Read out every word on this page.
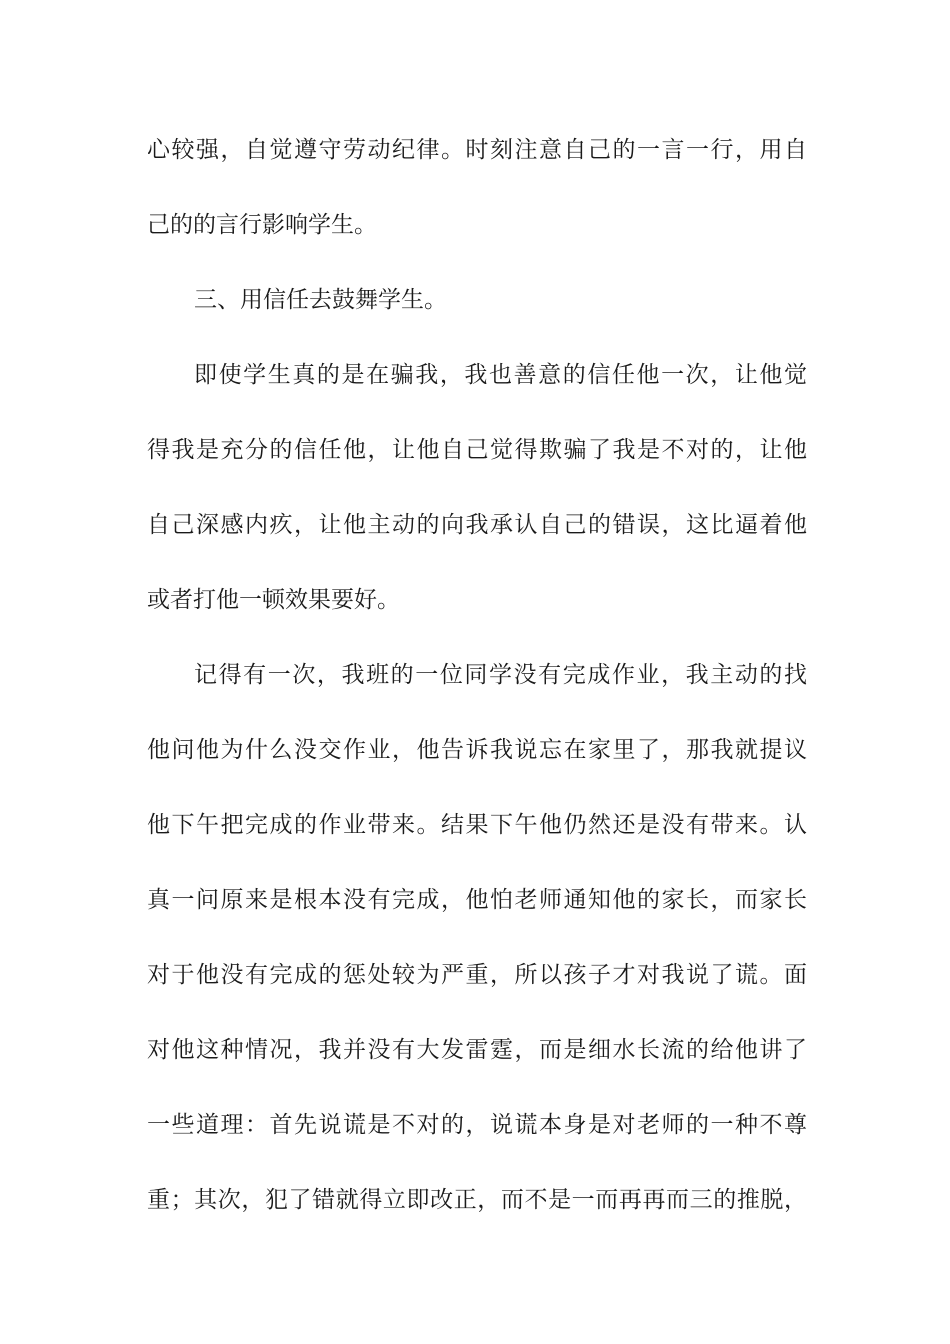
心较强，自觉遵守劳动纪律。时刻注意自己的一言一行，用自
己的的言行影响学生。
三、用信任去鼓舞学生。
即使学生真的是在骗我，我也善意的信任他一次，让他觉
得我是充分的信任他，让他自己觉得欺骗了我是不对的，让他
自己深感内疚，让他主动的向我承认自己的错误，这比逼着他
或者打他一顿效果要好。
记得有一次，我班的一位同学没有完成作业，我主动的找
他问他为什么没交作业，他告诉我说忘在家里了，那我就提议
他下午把完成的作业带来。结果下午他仍然还是没有带来。认
真一问原来是根本没有完成，他怕老师通知他的家长，而家长
对于他没有完成的惩处较为严重，所以孩子才对我说了谎。面
对他这种情况，我并没有大发雷霆，而是细水长流的给他讲了
一些道理：首先说谎是不对的，说谎本身是对老师的一种不尊
重；其次，犯了错就得立即改正，而不是一而再再而三的推脱，
